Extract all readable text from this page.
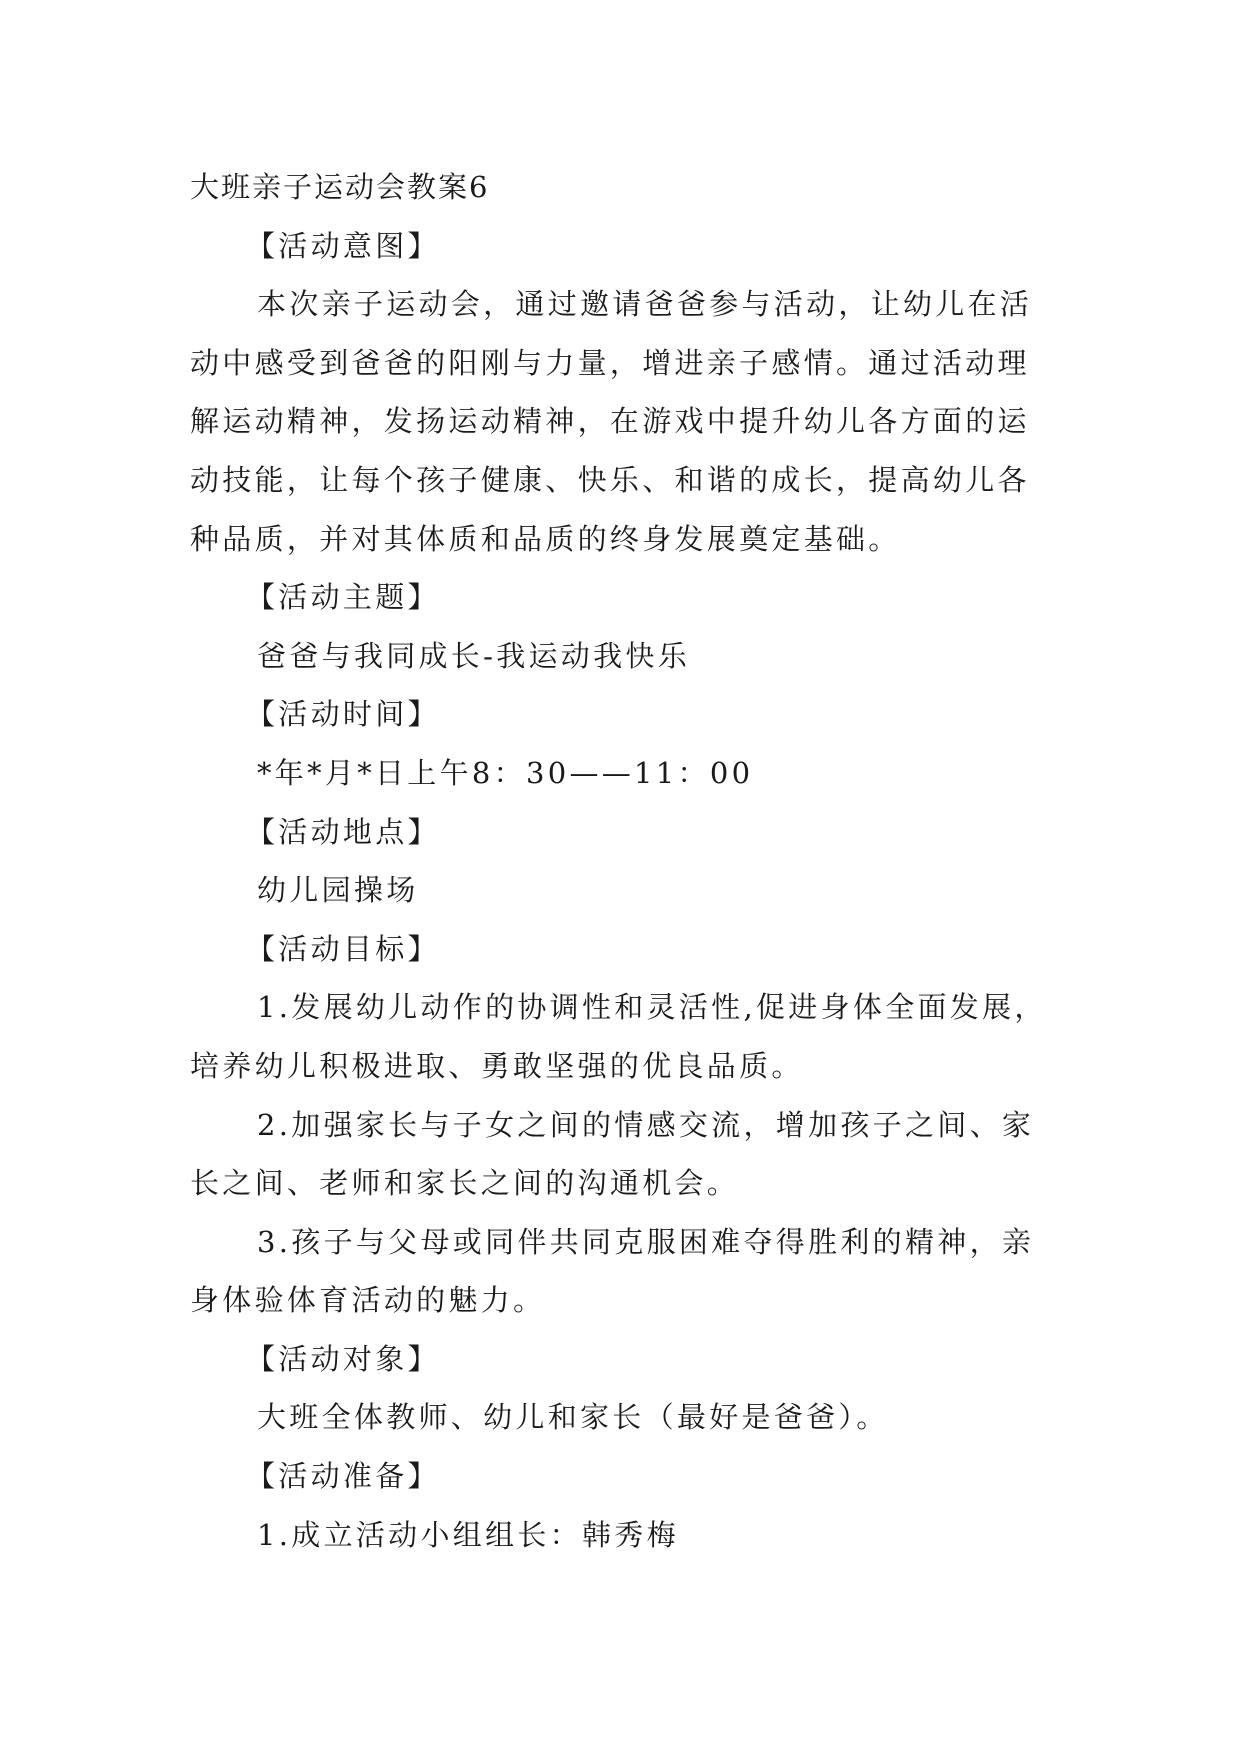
大班亲子运动会教案6
【活动意图】
本次亲子运动会，通过邀请爸爸参与活动，让幼儿在活
动中感受到爸爸的阳刚与力量，增进亲子感情。通过活动理
解运动精神，发扬运动精神，在游戏中提升幼儿各方面的运
动技能，让每个孩子健康、快乐、和谐的成长，提高幼儿各
种品质，并对其体质和品质的终身发展奠定基础。
【活动主题】
爸爸与我同成长-我运动我快乐
【活动时间】
*年*月*日上午8：30——11：00
【活动地点】
幼儿园操场
【活动目标】
1.发展幼儿动作的协调性和灵活性,促进身体全面发展，
培养幼儿积极进取、勇敢坚强的优良品质。
2.加强家长与子女之间的情感交流，增加孩子之间、家
长之间、老师和家长之间的沟通机会。
3.孩子与父母或同伴共同克服困难夺得胜利的精神，亲
身体验体育活动的魅力。
【活动对象】
大班全体教师、幼儿和家长（最好是爸爸）。
【活动准备】
1.成立活动小组组长：韩秀梅
